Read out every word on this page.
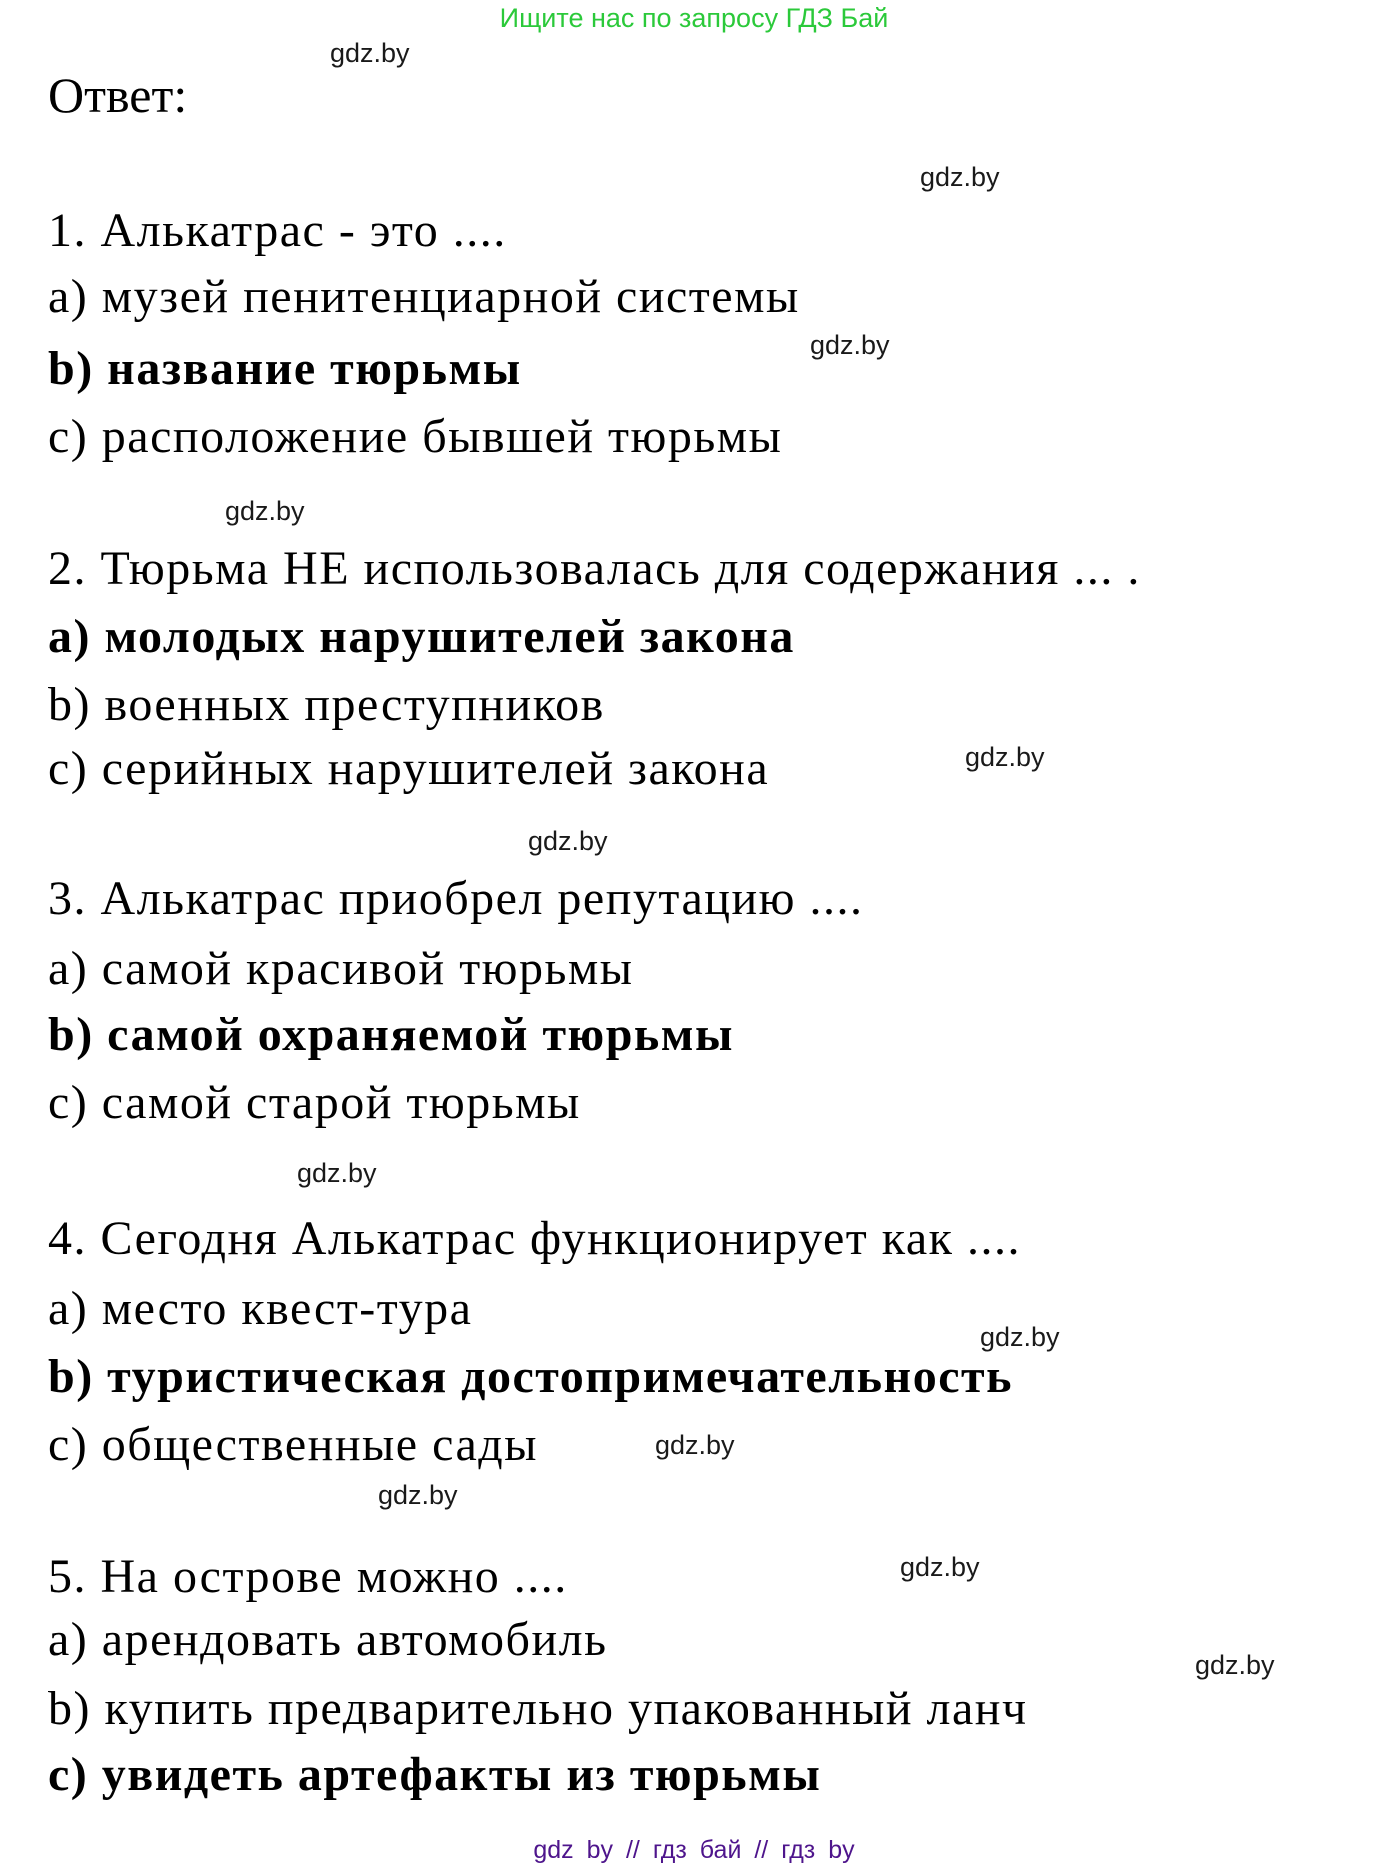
Ищите нас по запросу ГДЗ Бай
gdz.by
Ответ:
gdz.by
1. Алькатрас - это ....
a) музей пенитенциарной системы
gdz.by
b) название тюрьмы
c) расположение бывшей тюрьмы
gdz.by
2. Тюрьма НЕ использовалась для содержания ... .
a) молодых нарушителей закона
b) военных преступников
c) серийных нарушителей закона	gdz.by
gdz.by
3. Алькатрас приобрел репутацию ....
a) самой красивой тюрьмы
b) самой охраняемой тюрьмы
c) самой старой тюрьмы
gdz.by
4. Сегодня Алькатрас функционирует как ....
a) место квест-тура
gdz.by
b) туристическая достопримечательность
c) общественные сады	gdz.by
gdz.by
5. На острове можно ....	gdz.by
a) арендовать автомобиль	gdz.by
b) купить предварительно упакованный ланч
c) увидеть артефакты из тюрьмы
gdz by // гдз бай // гдз by
